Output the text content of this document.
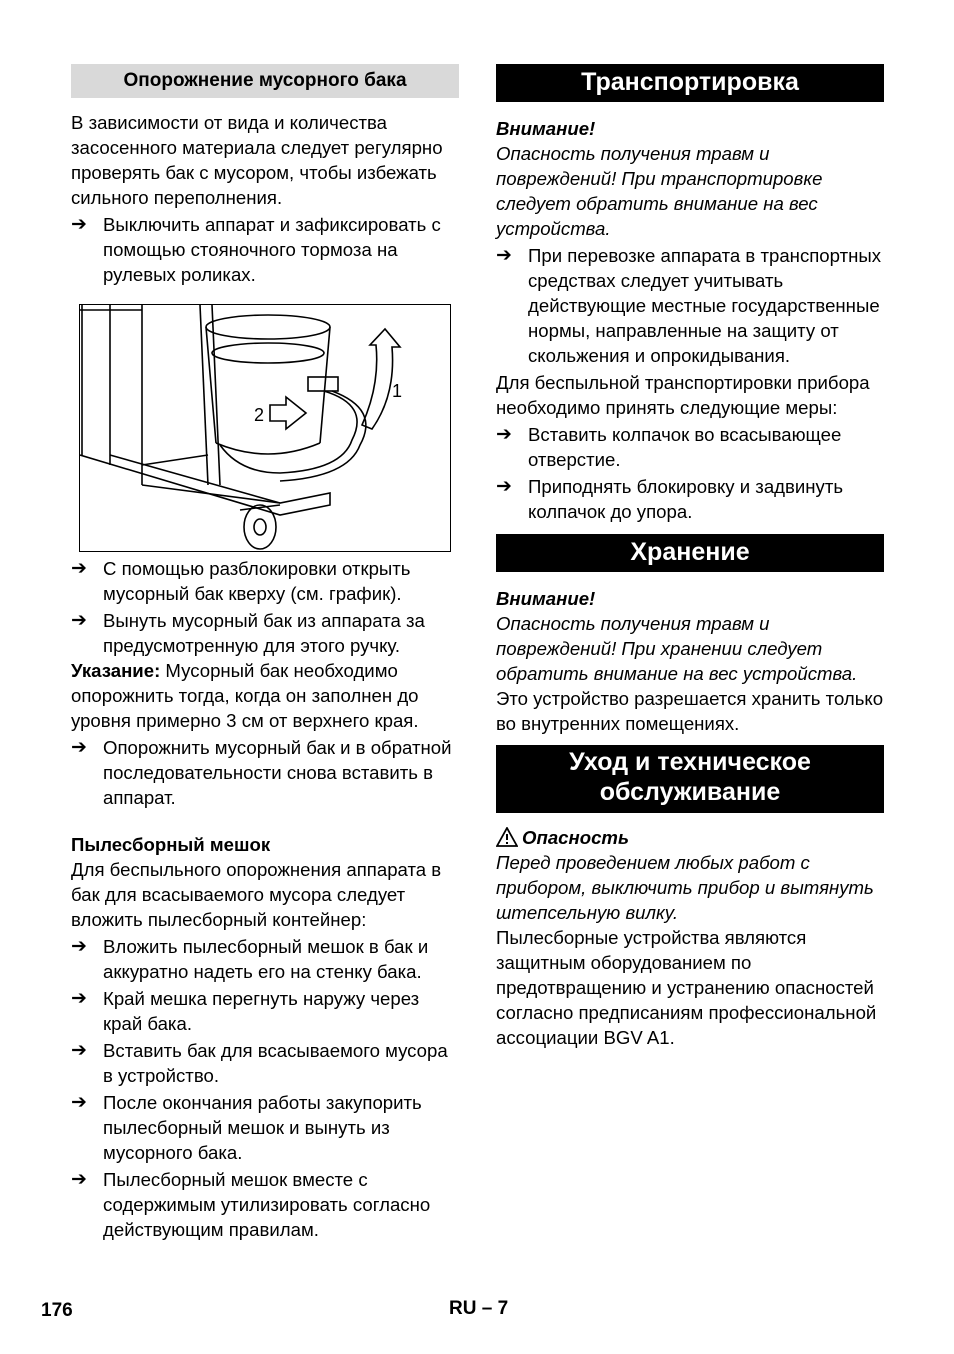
Опорожнение мусорного бака

В зависимости от вида и количества засосенного материала следует регулярно проверять бак с мусором, чтобы избежать сильного переполнения.

➔ Выключить аппарат и зафиксировать с помощью стояночного тормоза на рулевых роликах.
1
2
➔ С помощью разблокировки открыть мусорный бак кверху (см. график).
➔ Вынуть мусорный бак из аппарата за предусмотренную для этого ручку.

Указание: Мусорный бак необходимо опорожнить тогда, когда он заполнен до уровня примерно 3 см от верхнего края.

➔ Опорожнить мусорный бак и в обратной последовательности снова вставить в аппарат.

Пылесборный мешок

Для беспыльного опорожнения аппарата в бак для всасываемого мусора следует вложить пылесборный контейнер:

➔ Вложить пылесборный мешок в бак и аккуратно надеть его на стенку бака.
➔ Край мешка перегнуть наружу через край бака.
➔ Вставить бак для всасываемого мусора в устройство.
➔ После окончания работы закупорить пылесборный мешок и вынуть из мусорного бака.
➔ Пылесборный мешок вместе с содержимым утилизировать согласно действующим правилам.
Транспортировка

Внимание!

Опасность получения травм и повреждений! При транспортировке следует обратить внимание на вес устройства.

➔ При перевозке аппарата в транспортных средствах следует учитывать действующие местные государственные нормы, направленные на защиту от скольжения и опрокидывания.

Для беспыльной транспортировки прибора необходимо принять следующие меры:

➔ Вставить колпачок во всасывающее отверстие.
➔ Приподнять блокировку и задвинуть колпачок до упора.
Хранение

Внимание!

Опасность получения травм и повреждений! При хранении следует обратить внимание на вес устройства.

Это устройство разрешается хранить только во внутренних помещениях.

Уход и техническое
обслуживание

Опасность

Перед проведением любых работ с прибором, выключить прибор и вытянуть штепсельную вилку.

Пылесборные устройства являются защитным оборудованием по предотвращению и устранению опасностей согласно предписаниям профессиональной ассоциации BGV A1.

176	RU – 7
